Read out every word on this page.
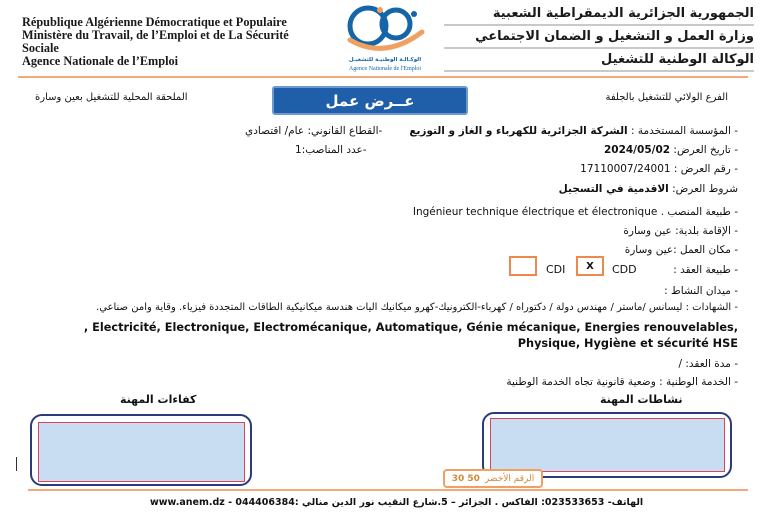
République Algérienne Démocratique et Populaire
Ministère du Travail, de l’Emploi et de La Sécurité Sociale
Agence Nationale de l’Emploi	الوكـالـة الوطنيـة للتشغيـل
Agence Nationale de l'Emploi
الجمهورية الجزائرية الديمقراطية الشعبية
وزارة العمل و التشغيل و الضمان الاجتماعي
الوكالة الوطنية للتشغيل
الفرع الولائي للتشغيل بالجلفة
الملحقة المحلية للتشغيل بعين وسارة	عــرض عمل
- المؤسسة المستخدمة : الشركة الجزائرية للكهرباء و الغاز و التوزيع
-القطاع القانوني: عام/ اقتصادي
- تاريخ العرض: 2024/05/02
-عدد المناصب:1
- رقم العرض : 17110007/24001
شروط العرض: الاقدمية في التسجيل
- طبيعة المنصب . Ingénieur technique électrique et électronique
- الإقامة بلدية: عين وسارة
- مكان العمل :عين وسارة
- طبيعة العقد :
X	CDD
CDI
- ميدان النشاط :
- الشهادات : ليسانس /ماستر / مهندس دولة / دكتوراه / كهرباء-الكترونيك-كهرو ميكانيك اليات هندسة ميكانيكية الطاقات المتجددة فيزياء. وقاية وامن صناعي.
, Electricité, Electronique, Electromécanique, Automatique, Génie mécanique, Energies renouvelables, Physique, Hygiène et sécurité HSE
- مدة العقد: /
- الخدمة الوطنية : وضعية قانونية تجاه الخدمة الوطنية
نشاطات المهنة
كفاءات المهنة
30 50 الرقم الأخضر
www.anem.dz - 044406384: الهاتف- 023533653: الفاكس . الجزائر – 5.شارع النقيب نور الدين منالي
